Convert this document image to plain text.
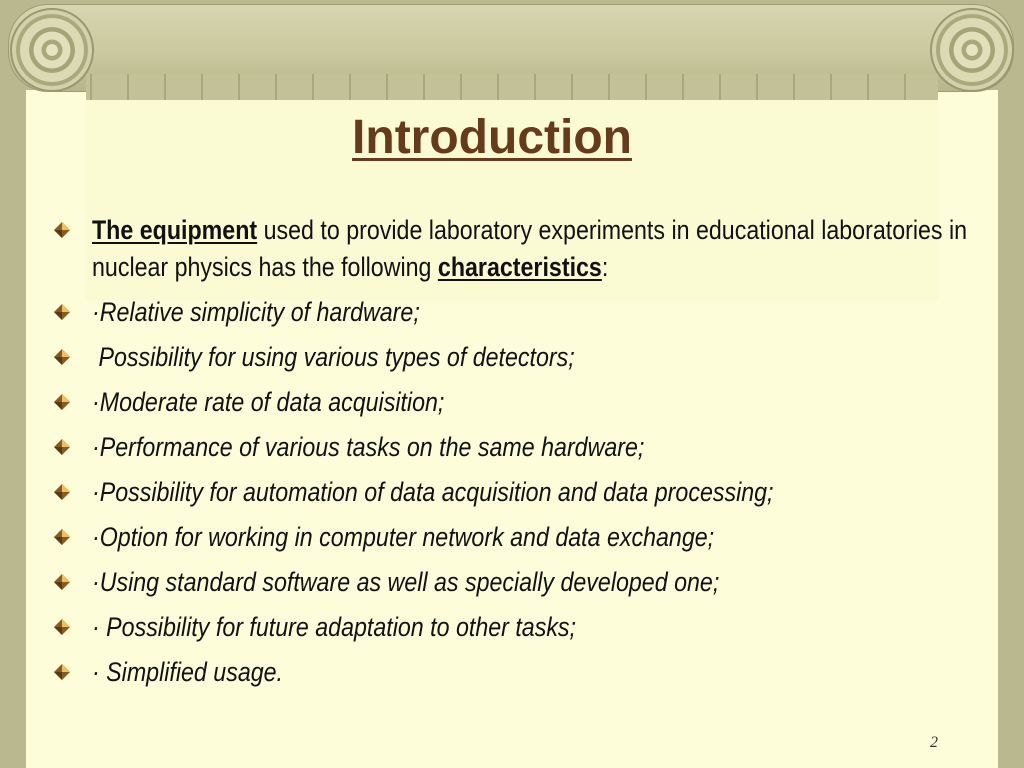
Introduction
The equipment used to provide laboratory experiments in educational laboratories in nuclear physics has the following characteristics:
·Relative simplicity of hardware;
Possibility for using various types of detectors;
·Moderate rate of data acquisition;
·Performance of various tasks on the same hardware;
·Possibility for automation of data acquisition and data processing;
·Option for working in computer network and data exchange;
·Using standard software as well as specially developed one;
· Possibility for future adaptation to other tasks;
· Simplified usage.
2
